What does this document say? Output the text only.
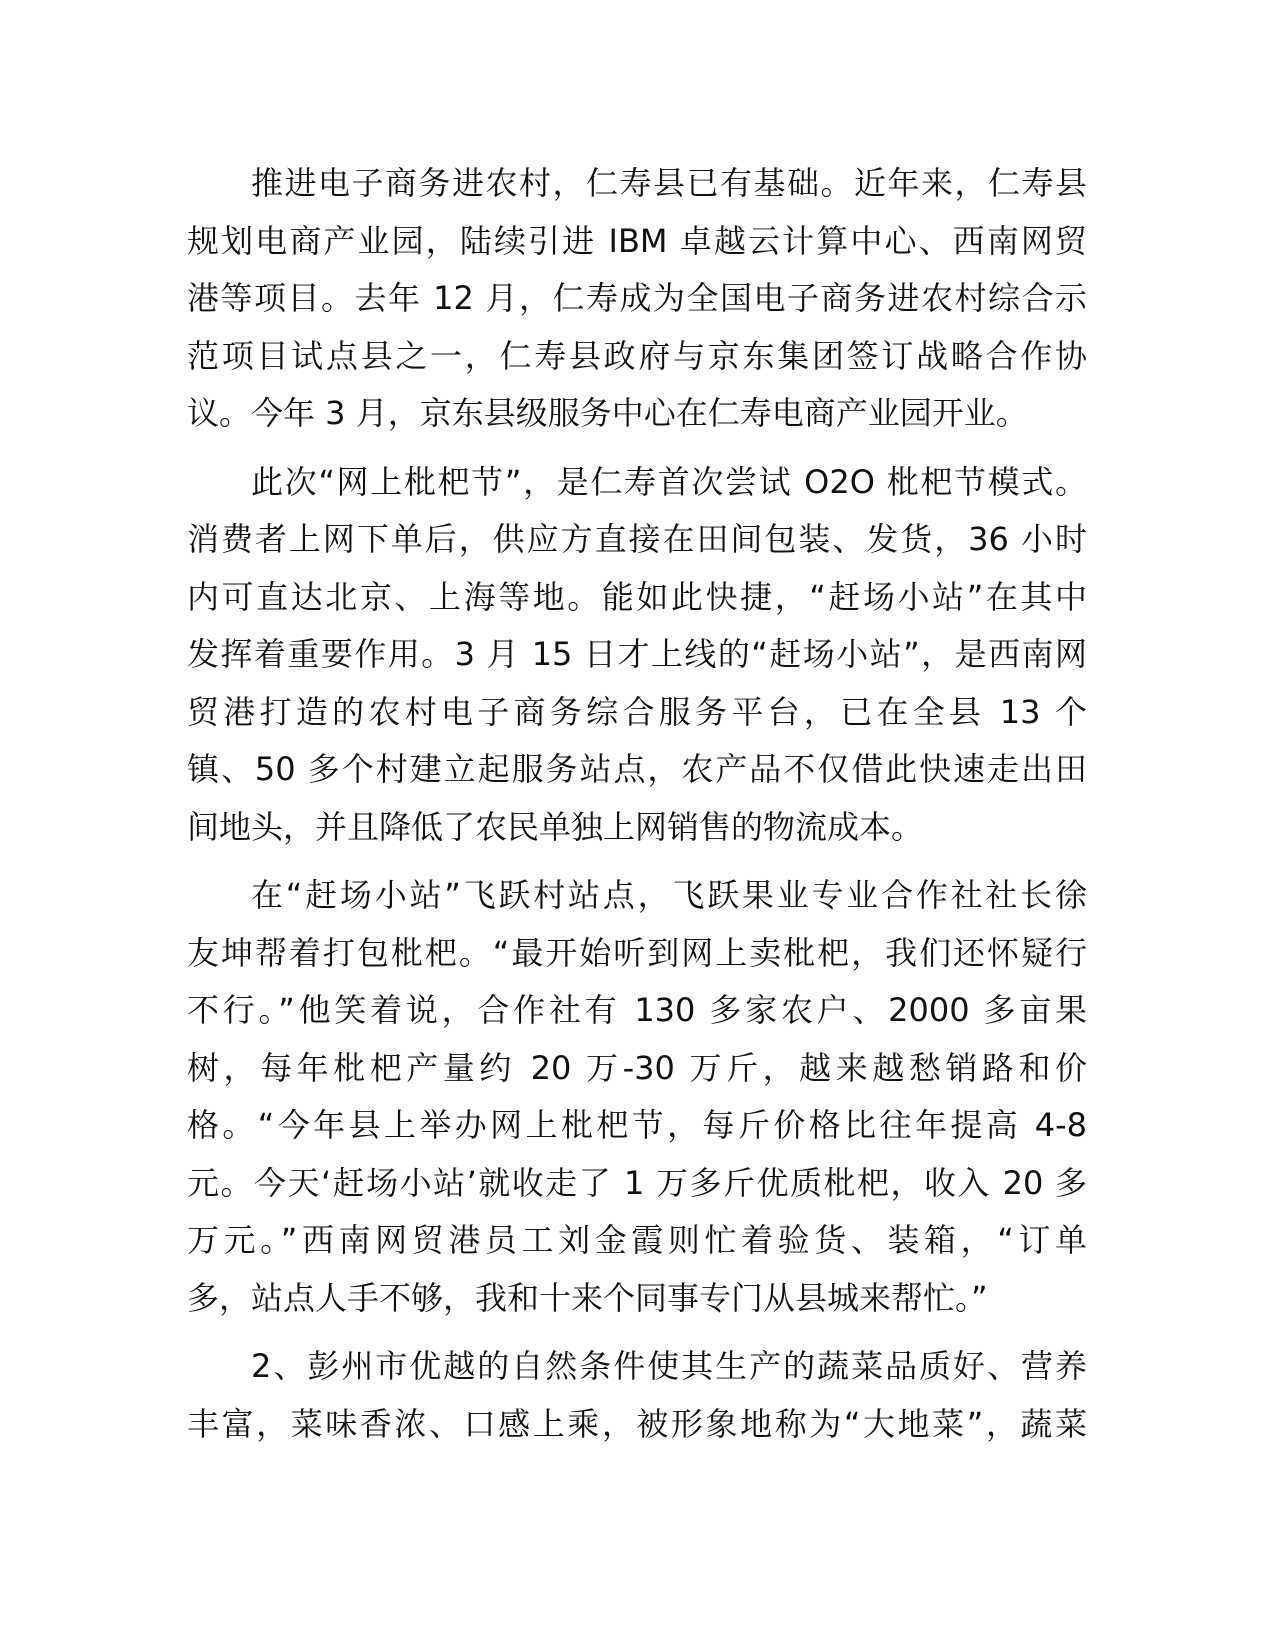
推进电子商务进农村，仁寿县已有基础。近年来，仁寿县
规划电商产业园，陆续引进 IBM 卓越云计算中心、西南网贸
港等项目。去年 12 月，仁寿成为全国电子商务进农村综合示
范项目试点县之一，仁寿县政府与京东集团签订战略合作协
议。今年 3 月，京东县级服务中心在仁寿电商产业园开业。
此次“网上枇杷节”，是仁寿首次尝试 O2O 枇杷节模式。
消费者上网下单后，供应方直接在田间包装、发货，36 小时
内可直达北京、上海等地。能如此快捷，“赶场小站”在其中
发挥着重要作用。3 月 15 日才上线的“赶场小站”，是西南网
贸港打造的农村电子商务综合服务平台，已在全县 13 个
镇、50 多个村建立起服务站点，农产品不仅借此快速走出田
间地头，并且降低了农民单独上网销售的物流成本。
在“赶场小站”飞跃村站点，飞跃果业专业合作社社长徐
友坤帮着打包枇杷。“最开始听到网上卖枇杷，我们还怀疑行
不行。”他笑着说，合作社有 130 多家农户、2000 多亩果
树，每年枇杷产量约 20 万-30 万斤，越来越愁销路和价
格。“今年县上举办网上枇杷节，每斤价格比往年提高 4-8
元。今天‘赶场小站’就收走了 1 万多斤优质枇杷，收入 20 多
万元。”西南网贸港员工刘金霞则忙着验货、装箱，“订单
多，站点人手不够，我和十来个同事专门从县城来帮忙。”
2、彭州市优越的自然条件使其生产的蔬菜品质好、营养
丰富，菜味香浓、口感上乘，被形象地称为“大地菜”，蔬菜
